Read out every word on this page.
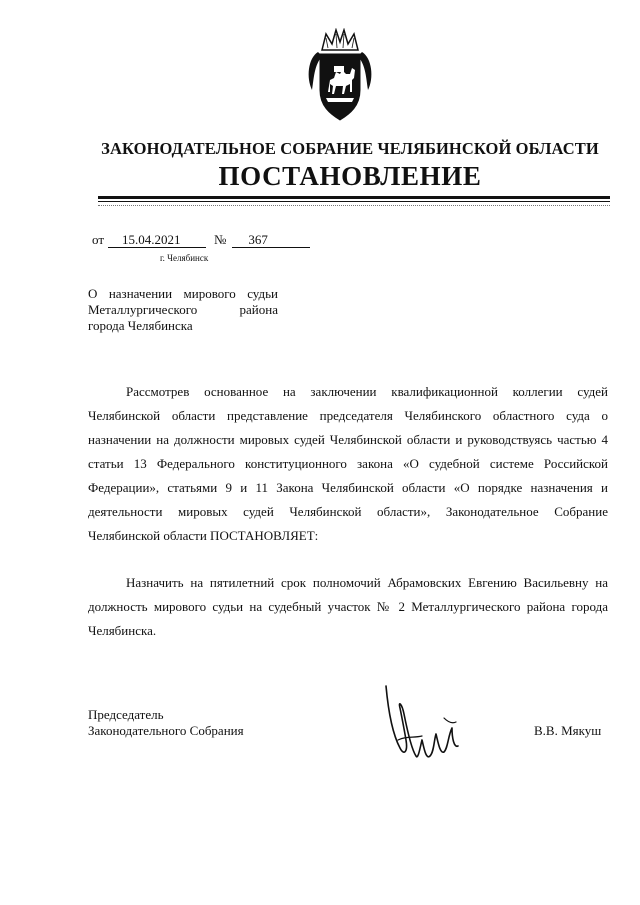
ЗАКОНОДАТЕЛЬНОЕ СОБРАНИЕ ЧЕЛЯБИНСКОЙ ОБЛАСТИ
ПОСТАНОВЛЕНИЕ
от	15.04.2021	№	367
г. Челябинск
О назначении мирового судьи Металлургического района города Челябинска

Рассмотрев основанное на заключении квалификационной коллегии судей Челябинской области представление председателя Челябинского областного суда о назначении на должности мировых судей Челябинской области и руководствуясь частью 4 статьи 13 Федерального конституционного закона «О судебной системе Российской Федерации», статьями 9 и 11 Закона Челябинской области «О порядке назначения и деятельности мировых судей Челябинской области», Законодательное Собрание Челябинской области ПОСТАНОВЛЯЕТ:

Назначить на пятилетний срок полномочий Абрамовских Евгению Васильевну на должность мирового судьи на судебный участок № 2 Металлургического района города Челябинска.

Председатель
Законодательного Собрания	В.В. Мякуш
